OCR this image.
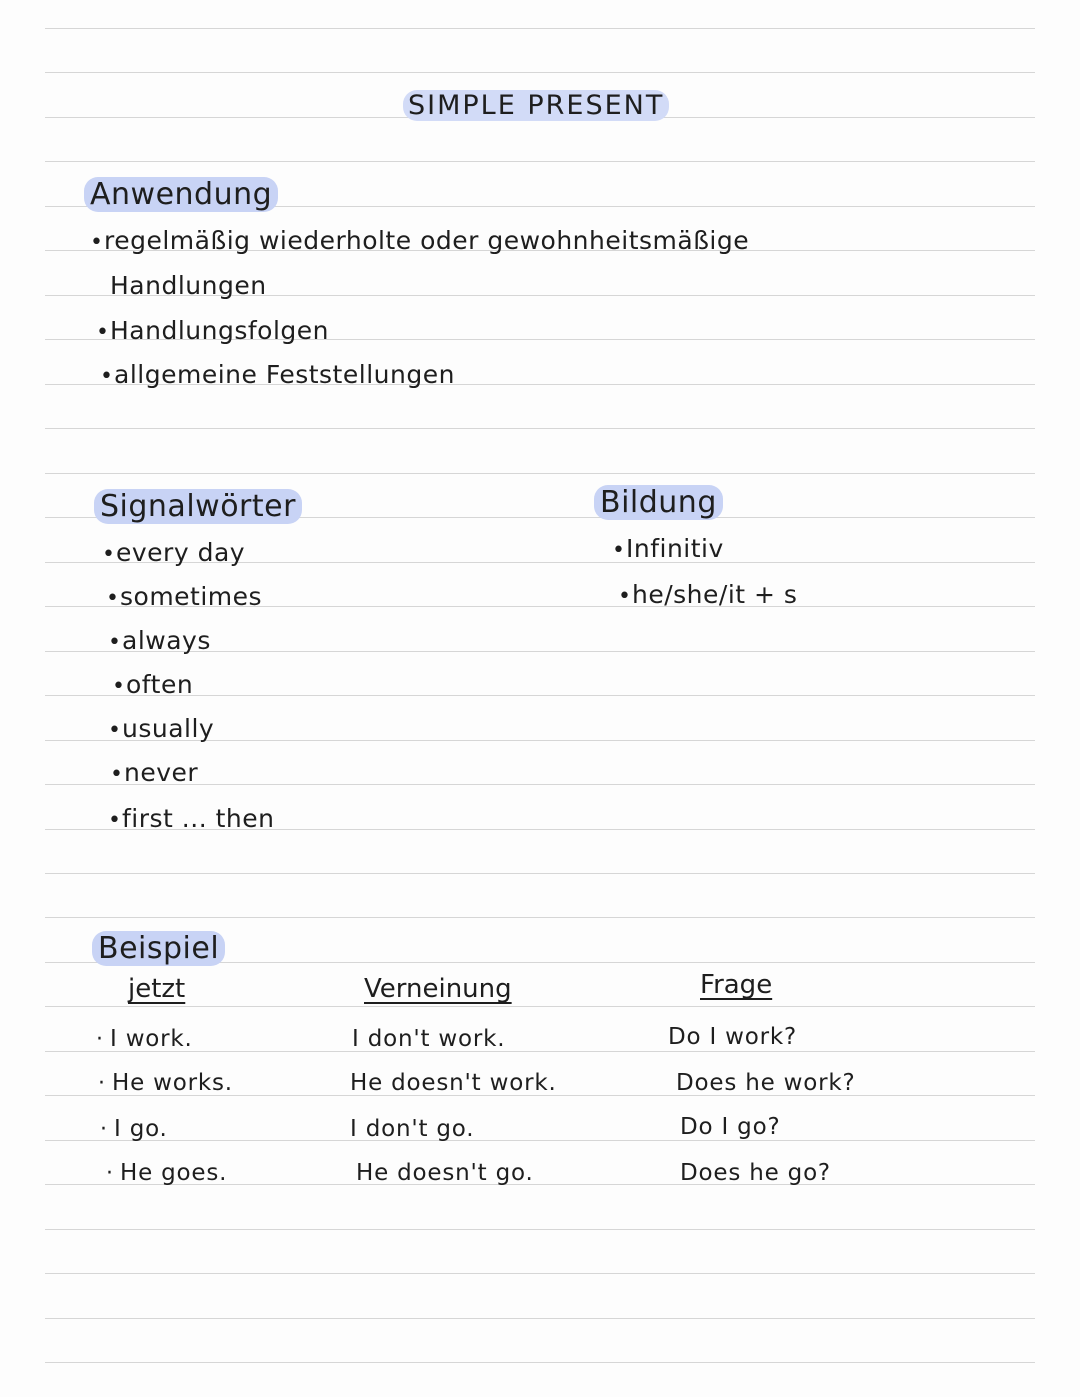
SIMPLE PRESENT
Anwendung
•regelmäßig wiederholte oder gewohnheitsmäßige
Handlungen
•Handlungsfolgen
•allgemeine Feststellungen
Signalwörter
•every day
•sometimes
•always
•often
•usually
•never
•first ... then
Bildung
•Infinitiv
•he/she/it + s
Beispiel
jetzt	Verneinung	Frage
· I work.	I don't work.	Do I work?
· He works.	He doesn't work.	Does he work?
· I go.	I don't go.	Do I go?
· He goes.	He doesn't go.	Does he go?
